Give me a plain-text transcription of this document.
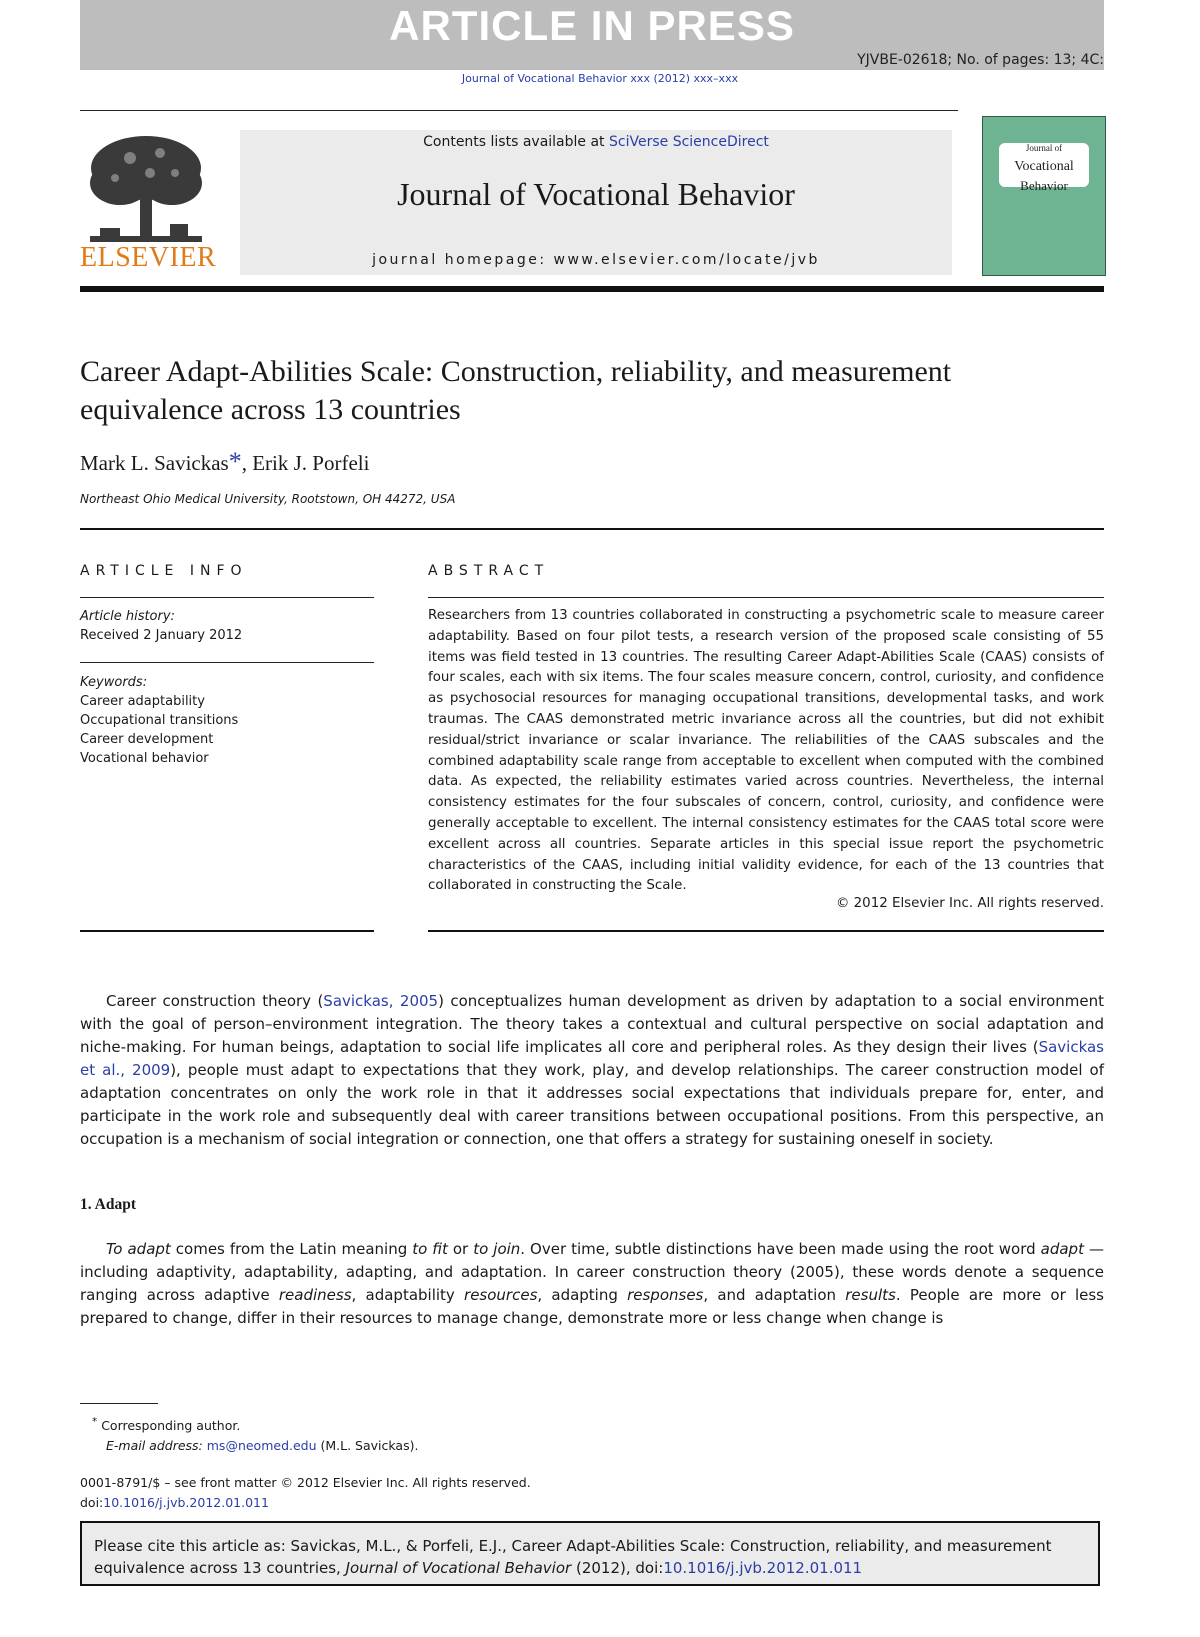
ARTICLE IN PRESS
YJVBE-02618; No. of pages: 13; 4C:
Journal of Vocational Behavior xxx (2012) xxx–xxx
ELSEVIER
Contents lists available at SciVerse ScienceDirect
Journal of Vocational Behavior
journal homepage: www.elsevier.com/locate/jvb
Journal of
Vocational
Behavior
Career Adapt-Abilities Scale: Construction, reliability, and measurement equivalence across 13 countries
Mark L. Savickas*, Erik J. Porfeli
Northeast Ohio Medical University, Rootstown, OH 44272, USA
ARTICLE INFO
Article history:
Received 2 January 2012
Keywords:
Career adaptability
Occupational transitions
Career development
Vocational behavior
ABSTRACT
Researchers from 13 countries collaborated in constructing a psychometric scale to measure career adaptability. Based on four pilot tests, a research version of the proposed scale consisting of 55 items was field tested in 13 countries. The resulting Career Adapt-Abilities Scale (CAAS) consists of four scales, each with six items. The four scales measure concern, control, curiosity, and confidence as psychosocial resources for managing occupational transitions, developmental tasks, and work traumas. The CAAS demonstrated metric invariance across all the countries, but did not exhibit residual/strict invariance or scalar invariance. The reliabilities of the CAAS subscales and the combined adaptability scale range from acceptable to excellent when computed with the combined data. As expected, the reliability estimates varied across countries. Nevertheless, the internal consistency estimates for the four subscales of concern, control, curiosity, and confidence were generally acceptable to excellent. The internal consistency estimates for the CAAS total score were excellent across all countries. Separate articles in this special issue report the psychometric characteristics of the CAAS, including initial validity evidence, for each of the 13 countries that collaborated in constructing the Scale.
© 2012 Elsevier Inc. All rights reserved.
Career construction theory (Savickas, 2005) conceptualizes human development as driven by adaptation to a social environment with the goal of person–environment integration. The theory takes a contextual and cultural perspective on social adaptation and niche-making. For human beings, adaptation to social life implicates all core and peripheral roles. As they design their lives (Savickas et al., 2009), people must adapt to expectations that they work, play, and develop relationships. The career construction model of adaptation concentrates on only the work role in that it addresses social expectations that individuals prepare for, enter, and participate in the work role and subsequently deal with career transitions between occupational positions. From this perspective, an occupation is a mechanism of social integration or connection, one that offers a strategy for sustaining oneself in society.
1. Adapt
To adapt comes from the Latin meaning to fit or to join. Over time, subtle distinctions have been made using the root word adapt — including adaptivity, adaptability, adapting, and adaptation. In career construction theory (2005), these words denote a sequence ranging across adaptive readiness, adaptability resources, adapting responses, and adaptation results. People are more or less prepared to change, differ in their resources to manage change, demonstrate more or less change when change is
* Corresponding author.
E-mail address: ms@neomed.edu (M.L. Savickas).
0001-8791/$ – see front matter © 2012 Elsevier Inc. All rights reserved.
doi:10.1016/j.jvb.2012.01.011
Please cite this article as: Savickas, M.L., & Porfeli, E.J., Career Adapt-Abilities Scale: Construction, reliability, and measurement equivalence across 13 countries, Journal of Vocational Behavior (2012), doi:10.1016/j.jvb.2012.01.011
